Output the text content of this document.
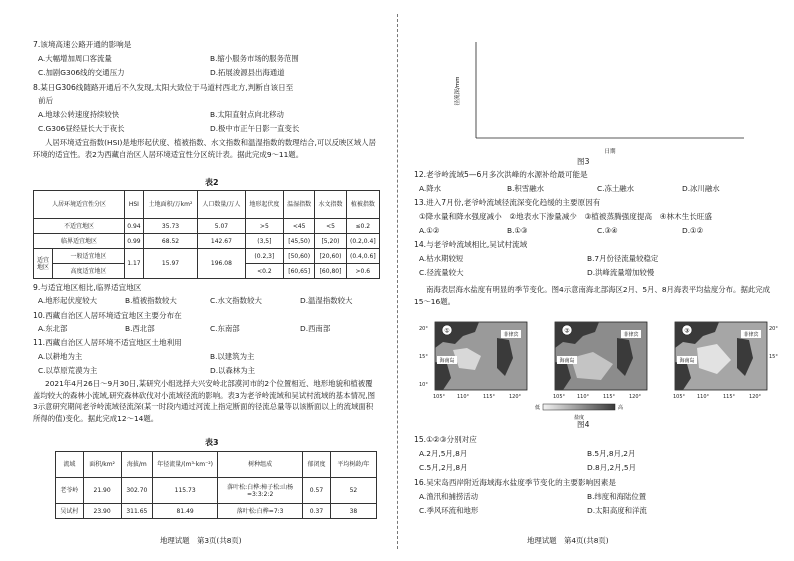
7.该境高速公路开通的影响是
A.大幅增加周口客流量	B.缩小服务市场的服务范围
C.加剧G306线的交通压力	D.拓展浚源县出海通道
8.某日G306线随路开通后不久发现,太阳大致位于马道村西北方,判断自该日至
前后
A.地球公转速度持续较快	B.太阳直射点向北移动
C.G306昼经昼长大于夜长	D.极中市正午日影一直变长
人居环境适宜指数(HSI)是地形起伏度、植被指数、水文指数和温湿指数的数理结合,可以反映区域人居环境的适宜性。表2为西藏自治区人居环境适宜性分区统计表。据此完成9～11题。
表2
人居环境适宜性分区		HSI	土地面积/万km²	人口数量/万人	地形起伏度	温湿指数	水文指数	植被指数
不适宜地区		0.94	35.73	5.07	>5	<45	<5	≤0.2
临界适宜地区		0.99	68.52	142.67	(3,5]	[45,50)	[5,20)	(0.2,0.4]
适宜地区	一般适宜地区	1.17	15.97	196.08	(0.2,3]	[50,60)	[20,60)	(0.4,0.6]
	高度适宜地区				<0.2	[60,65]	[60,80]	>0.6
9.与适宜地区相比,临界适宜地区
A.地形起伏度较大	B.植被指数较大	C.水文指数较大	D.温湿指数较大
10.西藏自治区人居环境适宜地区主要分布在
A.东北部	B.西北部	C.东南部	D.西南部
11.西藏自治区人居环境不适宜地区土地利用
A.以耕地为主	B.以建筑为主
C.以草原荒漠为主	D.以森林为主
2021年4月26日～9月30日,某研究小组选择大兴安岭北部漠河市的2个位置相近、地形地貌和植被覆盖均较大的森林小流域,研究森林砍伐对小流域径流的影响。表3为老爷岭流域和吴试村流域的基本情况,图3示意研究期间老爷岭流域径流深(某一时段内通过河流上指定断面的径流总量等以该断面以上的流域面积所得的值)变化。据此完成12～14题。
表3
流域	面积/km²	海拔/m	年径流量/(m³·km⁻²)	树种组成	郁闭度	平均树龄/年
老爷岭	21.90	302.70	115.73	落叶松:白桦:樟子松:山杨=3:3:2:2	0.57	52
吴试村	23.90	311.65	81.49	落叶松:白桦=7:3	0.37	38
地理试题　第3页(共8页)
径流深/mm
日期
图3
12.老爷岭流域5—6月多次洪峰的水源补给最可能是
A.降水	B.积雪融水	C.冻土融水	D.冰川融水
13.进入7月份,老爷岭流域径流深变化趋缓的主要原因有
①降水量和降水强度减小　②地表水下渗量减少　③植被蒸腾强度提高　④林木生长旺盛
A.①②	B.①③	C.③④	D.①②
14.与老爷岭流域相比,吴试村流域
A.枯水期较短	B.7月份径流量较稳定
C.径流量较大	D.洪峰流量增加较慢
南海表层海水盐度有明显的季节变化。图4示意南海北部海区2月、5月、8月海表平均盐度分布。据此完成15～16题。
①
海南岛
菲律宾
②
海南岛
菲律宾
③
海南岛
菲律宾
20°
15°
10°
20°
15°
105° 110°	115°	120°	105° 110°	115°	120°	105° 110°	115°	120°
低	高
盐度
图4
15.①②③分别对应
A.2月,5月,8月	B.5月,8月,2月
C.5月,2月,8月	D.8月,2月,5月
16.吴宋岛西岸附近海域海水盐度季节变化的主要影响因素是
A.渔汛和捕捞活动	B.纬度和海陆位置
C.季风环流和地形	D.太阳高度和洋流
地理试题　第4页(共8页)
